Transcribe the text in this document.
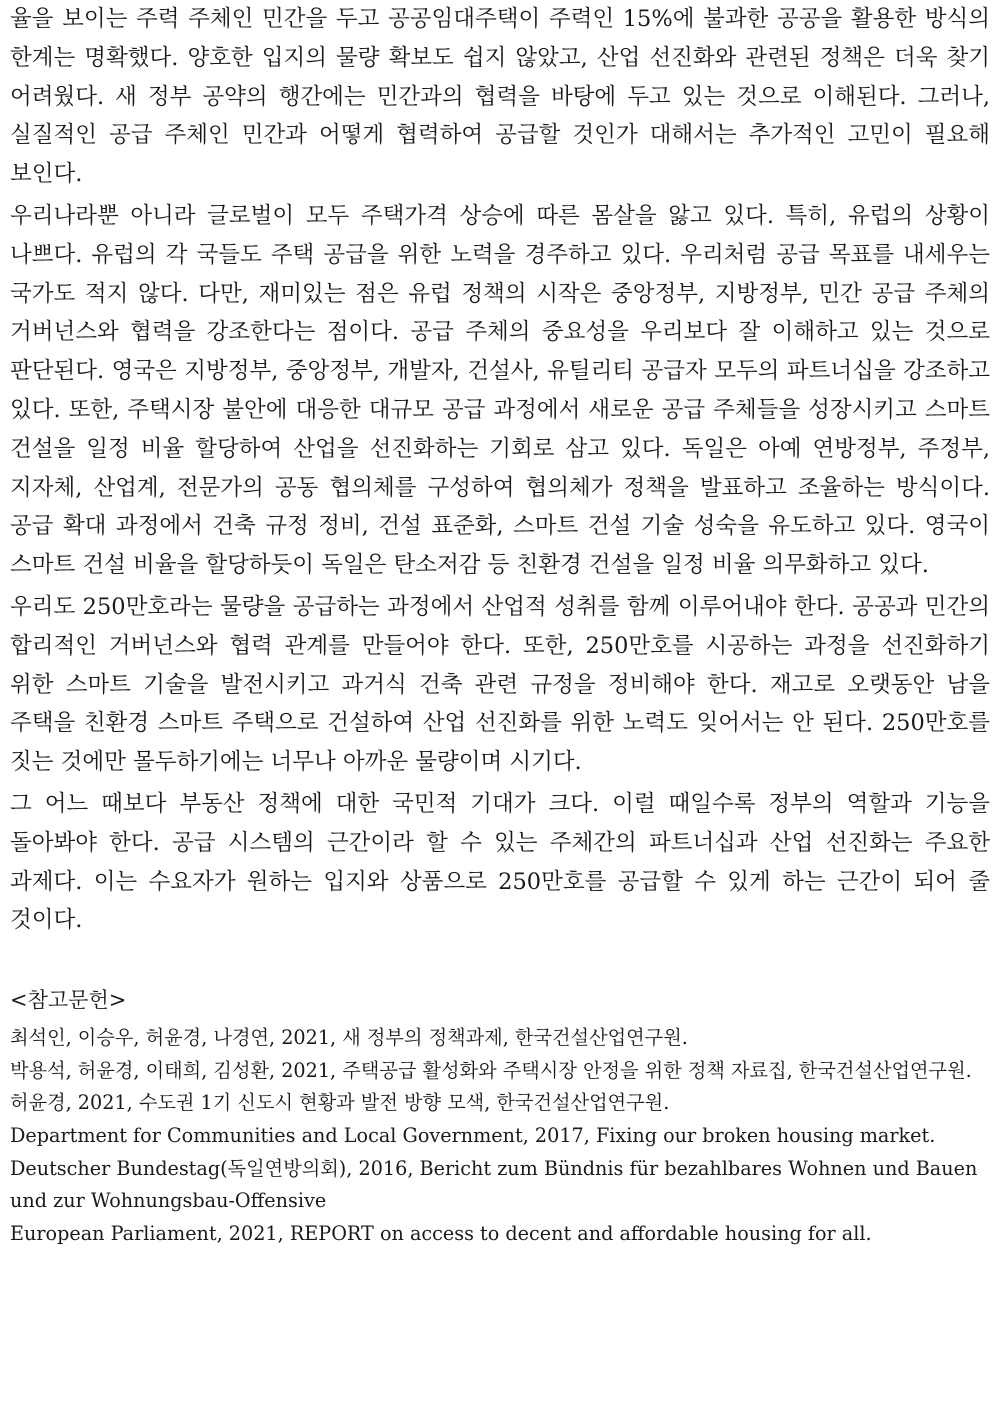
율을 보이는 주력 주체인 민간을 두고 공공임대주택이 주력인 15%에 불과한 공공을 활용한 방식의 한계는 명확했다. 양호한 입지의 물량 확보도 쉽지 않았고, 산업 선진화와 관련된 정책은 더욱 찾기 어려웠다. 새 정부 공약의 행간에는 민간과의 협력을 바탕에 두고 있는 것으로 이해된다. 그러나, 실질적인 공급 주체인 민간과 어떻게 협력하여 공급할 것인가 대해서는 추가적인 고민이 필요해 보인다.

우리나라뿐 아니라 글로벌이 모두 주택가격 상승에 따른 몸살을 앓고 있다. 특히, 유럽의 상황이 나쁘다. 유럽의 각 국들도 주택 공급을 위한 노력을 경주하고 있다. 우리처럼 공급 목표를 내세우는 국가도 적지 않다. 다만, 재미있는 점은 유럽 정책의 시작은 중앙정부, 지방정부, 민간 공급 주체의 거버넌스와 협력을 강조한다는 점이다. 공급 주체의 중요성을 우리보다 잘 이해하고 있는 것으로 판단된다. 영국은 지방정부, 중앙정부, 개발자, 건설사, 유틸리티 공급자 모두의 파트너십을 강조하고 있다. 또한, 주택시장 불안에 대응한 대규모 공급 과정에서 새로운 공급 주체들을 성장시키고 스마트 건설을 일정 비율 할당하여 산업을 선진화하는 기회로 삼고 있다. 독일은 아예 연방정부, 주정부, 지자체, 산업계, 전문가의 공동 협의체를 구성하여 협의체가 정책을 발표하고 조율하는 방식이다. 공급 확대 과정에서 건축 규정 정비, 건설 표준화, 스마트 건설 기술 성숙을 유도하고 있다. 영국이 스마트 건설 비율을 할당하듯이 독일은 탄소저감 등 친환경 건설을 일정 비율 의무화하고 있다.

우리도 250만호라는 물량을 공급하는 과정에서 산업적 성취를 함께 이루어내야 한다. 공공과 민간의 합리적인 거버넌스와 협력 관계를 만들어야 한다. 또한, 250만호를 시공하는 과정을 선진화하기 위한 스마트 기술을 발전시키고 과거식 건축 관련 규정을 정비해야 한다. 재고로 오랫동안 남을 주택을 친환경 스마트 주택으로 건설하여 산업 선진화를 위한 노력도 잊어서는 안 된다. 250만호를 짓는 것에만 몰두하기에는 너무나 아까운 물량이며 시기다.

그 어느 때보다 부동산 정책에 대한 국민적 기대가 크다. 이럴 때일수록 정부의 역할과 기능을 돌아봐야 한다. 공급 시스템의 근간이라 할 수 있는 주체간의 파트너십과 산업 선진화는 주요한 과제다. 이는 수요자가 원하는 입지와 상품으로 250만호를 공급할 수 있게 하는 근간이 되어 줄 것이다.

<참고문헌>

최석인, 이승우, 허윤경, 나경연, 2021, 새 정부의 정책과제, 한국건설산업연구원.

박용석, 허윤경, 이태희, 김성환, 2021, 주택공급 활성화와 주택시장 안정을 위한 정책 자료집, 한국건설산업연구원.

허윤경, 2021, 수도권 1기 신도시 현황과 발전 방향 모색, 한국건설산업연구원.

Department for Communities and Local Government, 2017, Fixing our broken housing market.

Deutscher Bundestag(독일연방의회), 2016, Bericht zum Bündnis für bezahlbares Wohnen und Bauen und zur Wohnungsbau-Offensive

European Parliament, 2021, REPORT on access to decent and affordable housing for all.
